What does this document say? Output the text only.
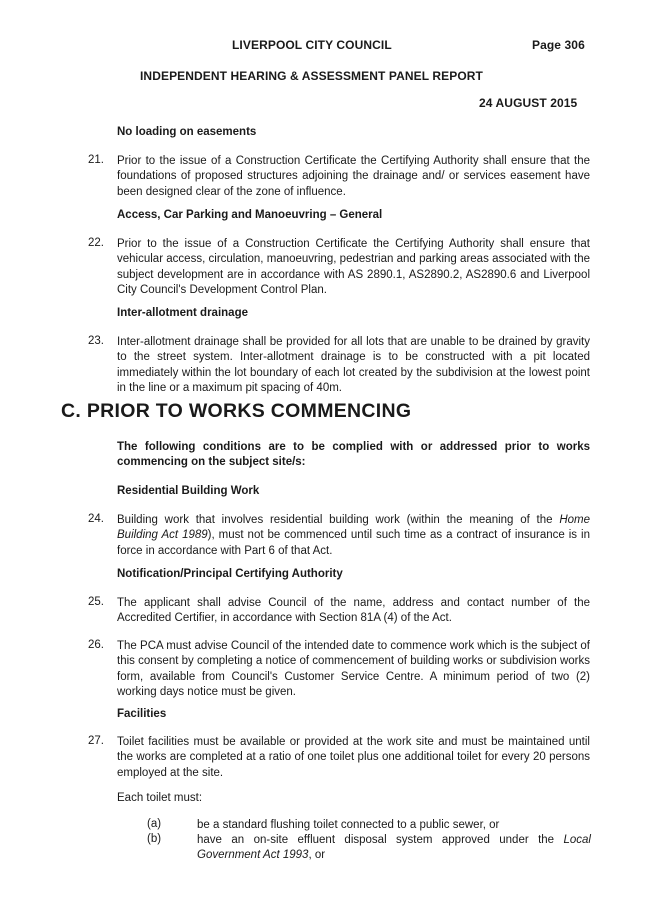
LIVERPOOL CITY COUNCIL	Page 306
INDEPENDENT HEARING & ASSESSMENT PANEL REPORT
24 AUGUST 2015
No loading on easements
21. Prior to the issue of a Construction Certificate the Certifying Authority shall ensure that the foundations of proposed structures adjoining the drainage and/ or services easement have been designed clear of the zone of influence.
Access, Car Parking and Manoeuvring – General
22. Prior to the issue of a Construction Certificate the Certifying Authority shall ensure that vehicular access, circulation, manoeuvring, pedestrian and parking areas associated with the subject development are in accordance with AS 2890.1, AS2890.2, AS2890.6 and Liverpool City Council's Development Control Plan.
Inter-allotment drainage
23. Inter-allotment drainage shall be provided for all lots that are unable to be drained by gravity to the street system. Inter-allotment drainage is to be constructed with a pit located immediately within the lot boundary of each lot created by the subdivision at the lowest point in the line or a maximum pit spacing of 40m.
C. PRIOR TO WORKS COMMENCING
The following conditions are to be complied with or addressed prior to works commencing on the subject site/s:
Residential Building Work
24. Building work that involves residential building work (within the meaning of the Home Building Act 1989), must not be commenced until such time as a contract of insurance is in force in accordance with Part 6 of that Act.
Notification/Principal Certifying Authority
25. The applicant shall advise Council of the name, address and contact number of the Accredited Certifier, in accordance with Section 81A (4) of the Act.
26. The PCA must advise Council of the intended date to commence work which is the subject of this consent by completing a notice of commencement of building works or subdivision works form, available from Council's Customer Service Centre. A minimum period of two (2) working days notice must be given.
Facilities
27. Toilet facilities must be available or provided at the work site and must be maintained until the works are completed at a ratio of one toilet plus one additional toilet for every 20 persons employed at the site.
Each toilet must:
(a)	be a standard flushing toilet connected to a public sewer, or
(b)	have an on-site effluent disposal system approved under the Local Government Act 1993, or
